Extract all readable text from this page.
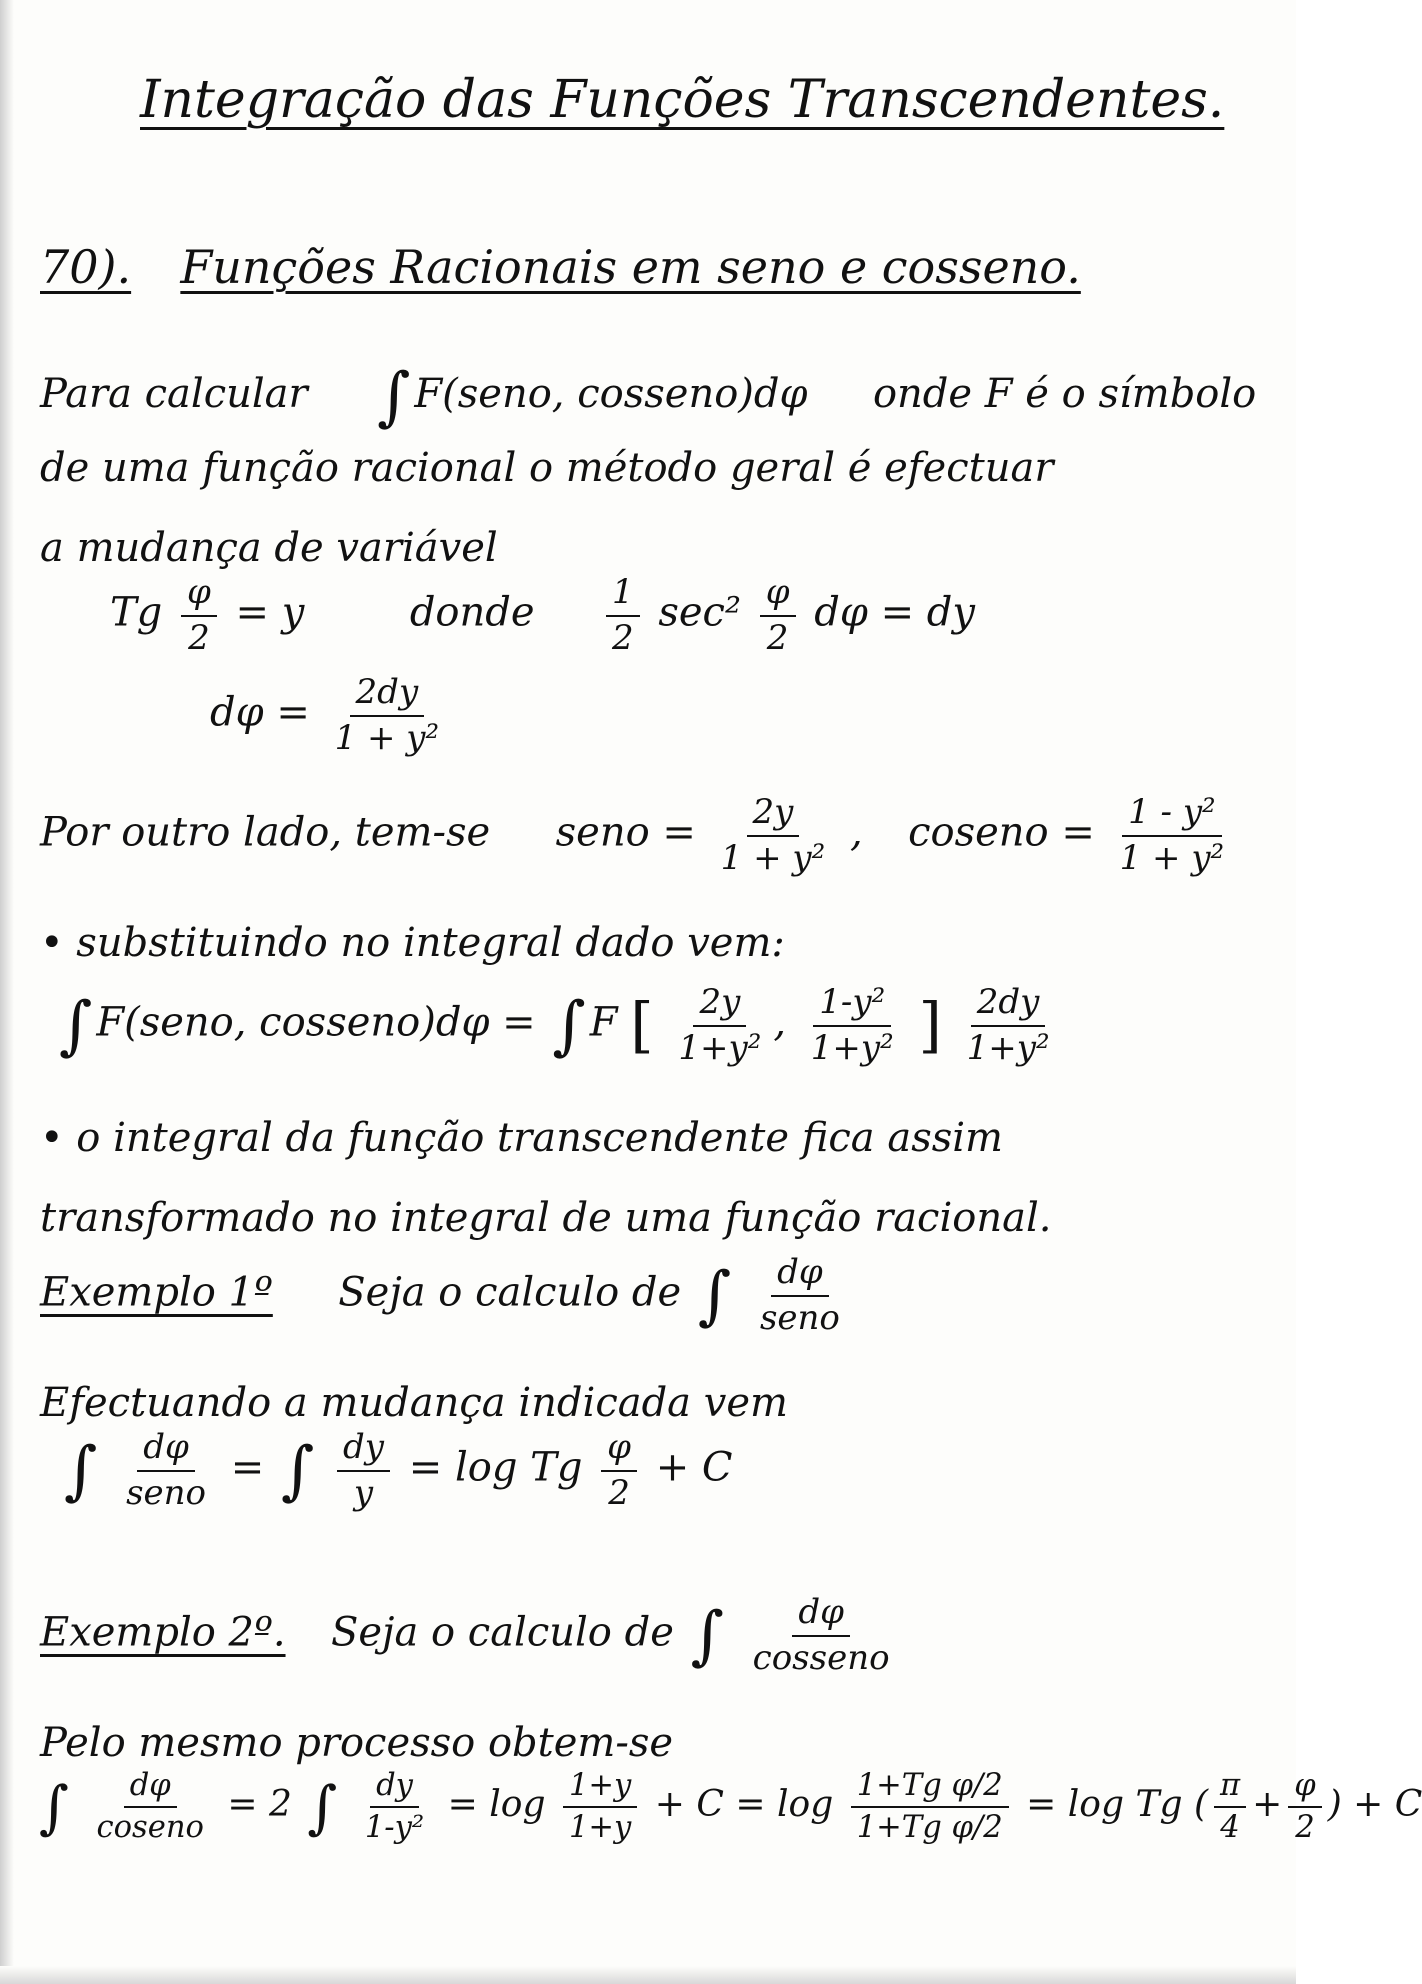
Integração das Funções Transcendentes.
70). Funções Racionais em seno e cosseno.
Para calcular ∫ F(seno, cosseno)dφ onde F é o símbolo
de uma função racional o método geral é efectuar
a mudança de variável
Tg $\frac{\varphi}{2} = y$	donde $\frac{1}{2} \sec^2 \frac{\varphi}{2}$ dφ = dy
$d\varphi = \frac{2dy}{\text{1 + y²}}$
Por outro lado, tem-se seno = $\frac{2y}{\text{1 + y²}}$ , coseno = $\frac{\text{1 - y²}}{\text{1 + y²}}$
• substituindo no integral dado vem:
∫ F(seno, cosseno)dφ = ∫ F [ $\frac{2y}{\text{1+y²}}$ , $\frac{\text{1-y²}}{\text{1+y²}}$ ] $\frac{2dy}{\text{1+y²}}$
• o integral da função transcendente fica assim
transformado no integral de uma função racional.
Exemplo 1º Seja o calculo de ∫ $\frac{d\varphi}{\text{seno}}$
Efectuando a mudança indicada vem
∫ $\frac{d\varphi}{\text{seno}}$ = ∫ $\frac{dy}{y} = \log Tg \frac{\varphi}{2} + C$
Exemplo 2º. Seja o calculo de ∫ $\frac{d\varphi}{\text{cosseno}}$
Pelo mesmo processo obtem-se
∫ $\frac{d\varphi}{\text{coseno}} = 2$ ∫ $\frac{dy}{\text{1-y²}} = \log \frac{1+y}{1+y} + C = \log \frac{\text{1+Tg φ/2}}{\text{1+Tg φ/2}} = \log Tg$ ( $\frac{\pi}{4} + \frac{\varphi}{2}$ ) + C
